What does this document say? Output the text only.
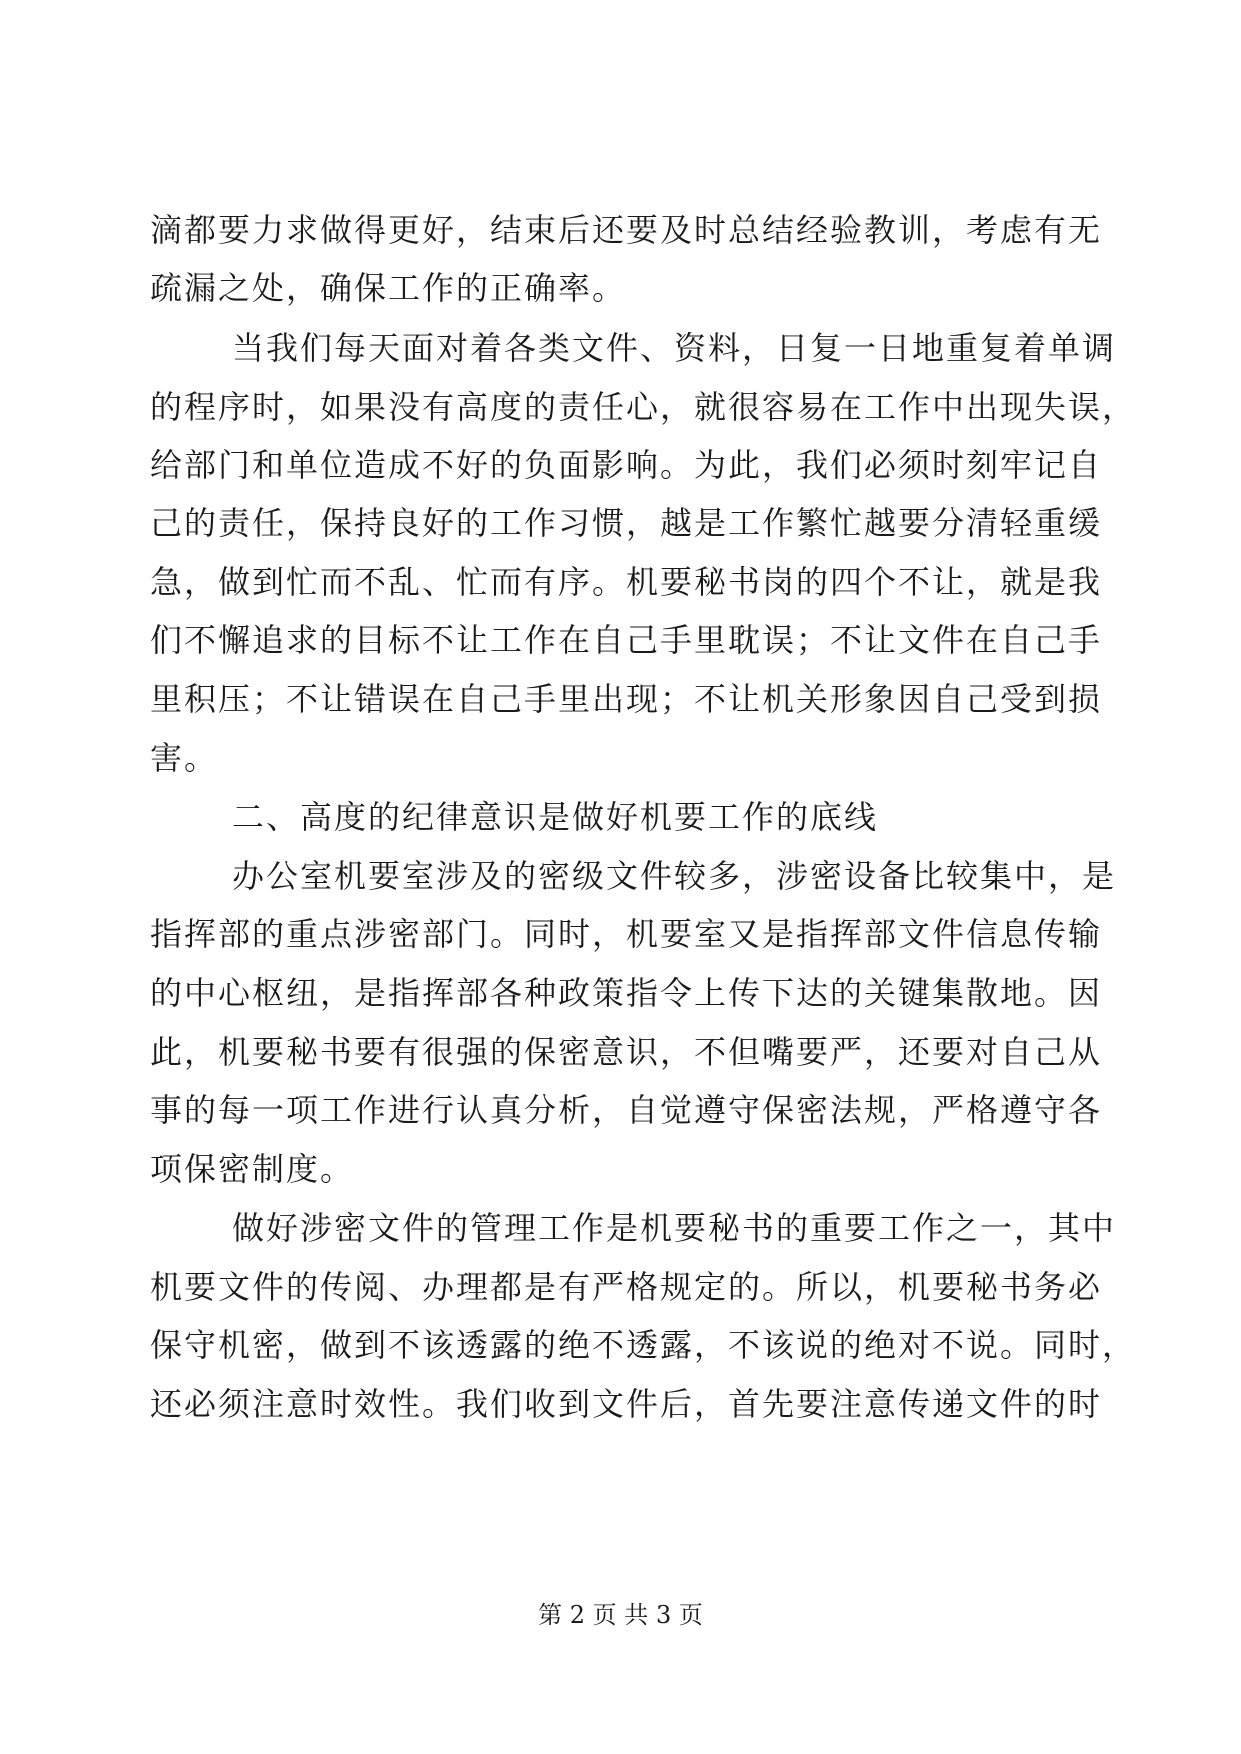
滴都要力求做得更好，结束后还要及时总结经验教训，考虑有无
疏漏之处，确保工作的正确率。
当我们每天面对着各类文件、资料，日复一日地重复着单调
的程序时，如果没有高度的责任心，就很容易在工作中出现失误，
给部门和单位造成不好的负面影响。为此，我们必须时刻牢记自
己的责任，保持良好的工作习惯，越是工作繁忙越要分清轻重缓
急，做到忙而不乱、忙而有序。机要秘书岗的四个不让，就是我
们不懈追求的目标不让工作在自己手里耽误；不让文件在自己手
里积压；不让错误在自己手里出现；不让机关形象因自己受到损
害。
二、高度的纪律意识是做好机要工作的底线
办公室机要室涉及的密级文件较多，涉密设备比较集中，是
指挥部的重点涉密部门。同时，机要室又是指挥部文件信息传输
的中心枢纽，是指挥部各种政策指令上传下达的关键集散地。因
此，机要秘书要有很强的保密意识，不但嘴要严，还要对自己从
事的每一项工作进行认真分析，自觉遵守保密法规，严格遵守各
项保密制度。
做好涉密文件的管理工作是机要秘书的重要工作之一，其中
机要文件的传阅、办理都是有严格规定的。所以，机要秘书务必
保守机密，做到不该透露的绝不透露，不该说的绝对不说。同时，
还必须注意时效性。我们收到文件后，首先要注意传递文件的时
第 2 页 共 3 页
